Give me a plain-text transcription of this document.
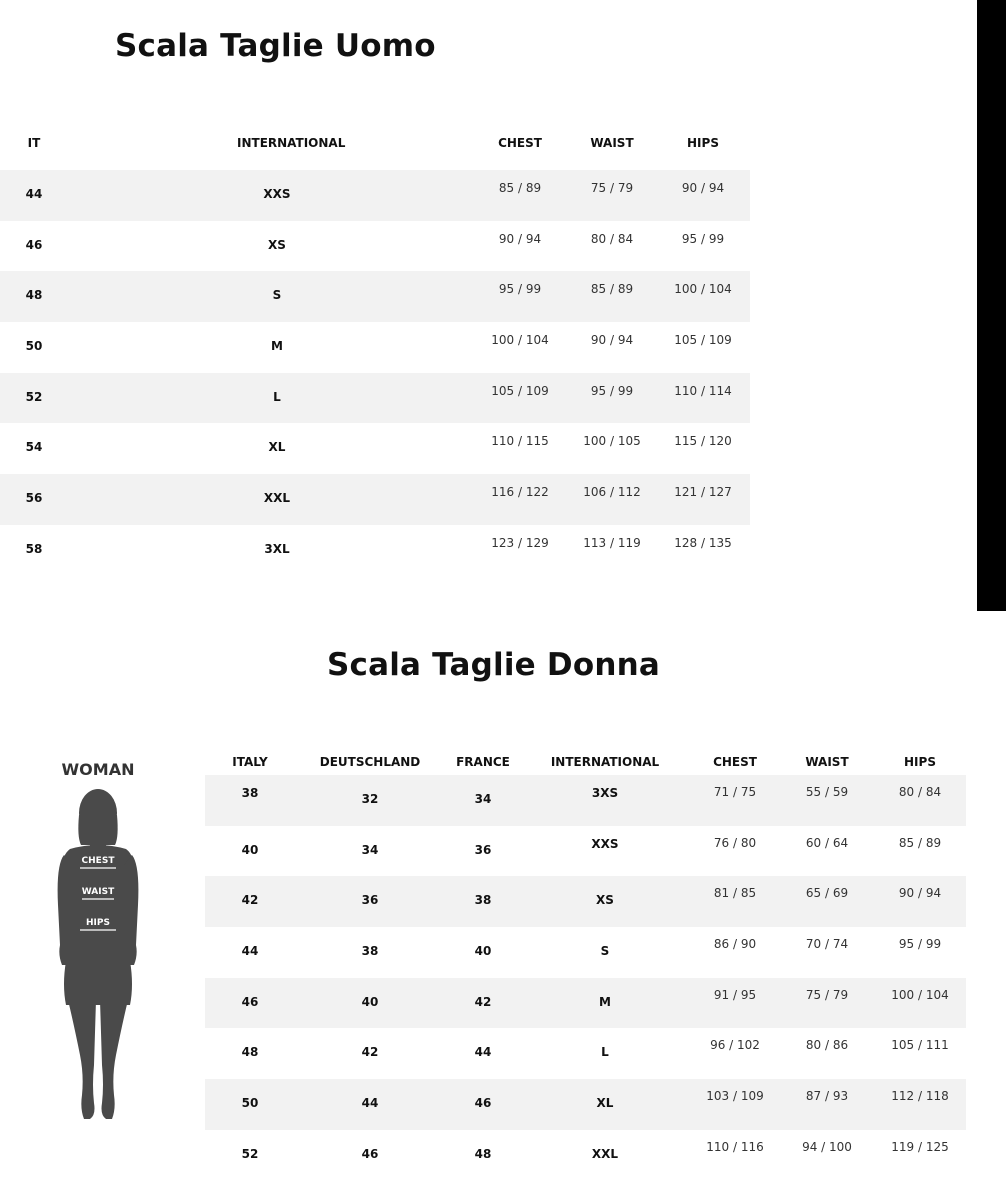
Scala Taglie Uomo
IT	INTERNATIONAL	CHEST	WAIST	HIPS
44	XXS	85 / 89	75 / 79	90 / 94
46	XS	90 / 94	80 / 84	95 / 99
48	S	95 / 99	85 / 89	100 / 104
50	M	100 / 104	90 / 94	105 / 109
52	L	105 / 109	95 / 99	110 / 114
54	XL	110 / 115	100 / 105	115 / 120
56	XXL	116 / 122	106 / 112	121 / 127
58	3XL	123 / 129	113 / 119	128 / 135
Scala Taglie Donna
WOMAN
CHEST
WAIST
HIPS
ITALY	DEUTSCHLAND	FRANCE	INTERNATIONAL	CHEST	WAIST	HIPS
38	32	34	3XS	71 / 75	55 / 59	80 / 84
40	34	36	XXS	76 / 80	60 / 64	85 / 89
42	36	38	XS	81 / 85	65 / 69	90 / 94
44	38	40	S	86 / 90	70 / 74	95 / 99
46	40	42	M	91 / 95	75 / 79	100 / 104
48	42	44	L	96 / 102	80 / 86	105 / 111
50	44	46	XL	103 / 109	87 / 93	112 / 118
52	46	48	XXL	110 / 116	94 / 100	119 / 125
